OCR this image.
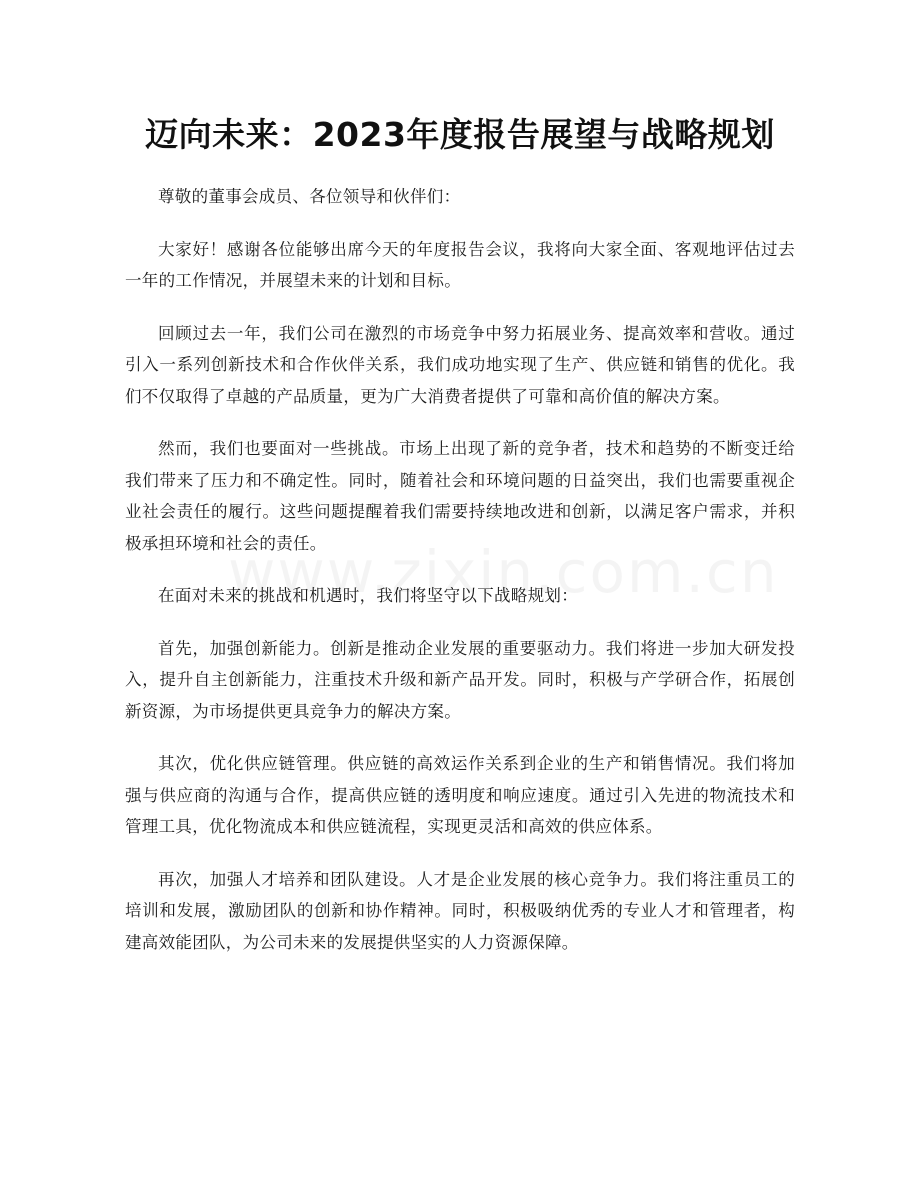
迈向未来：2023年度报告展望与战略规划

尊敬的董事会成员、各位领导和伙伴们：

大家好！感谢各位能够出席今天的年度报告会议，我将向大家全面、客观地评估过去一年的工作情况，并展望未来的计划和目标。

回顾过去一年，我们公司在激烈的市场竞争中努力拓展业务、提高效率和营收。通过引入一系列创新技术和合作伙伴关系，我们成功地实现了生产、供应链和销售的优化。我们不仅取得了卓越的产品质量，更为广大消费者提供了可靠和高价值的解决方案。

然而，我们也要面对一些挑战。市场上出现了新的竞争者，技术和趋势的不断变迁给我们带来了压力和不确定性。同时，随着社会和环境问题的日益突出，我们也需要重视企业社会责任的履行。这些问题提醒着我们需要持续地改进和创新，以满足客户需求，并积极承担环境和社会的责任。

在面对未来的挑战和机遇时，我们将坚守以下战略规划：

首先，加强创新能力。创新是推动企业发展的重要驱动力。我们将进一步加大研发投入，提升自主创新能力，注重技术升级和新产品开发。同时，积极与产学研合作，拓展创新资源，为市场提供更具竞争力的解决方案。

其次，优化供应链管理。供应链的高效运作关系到企业的生产和销售情况。我们将加强与供应商的沟通与合作，提高供应链的透明度和响应速度。通过引入先进的物流技术和管理工具，优化物流成本和供应链流程，实现更灵活和高效的供应体系。

再次，加强人才培养和团队建设。人才是企业发展的核心竞争力。我们将注重员工的培训和发展，激励团队的创新和协作精神。同时，积极吸纳优秀的专业人才和管理者，构建高效能团队，为公司未来的发展提供坚实的人力资源保障。
